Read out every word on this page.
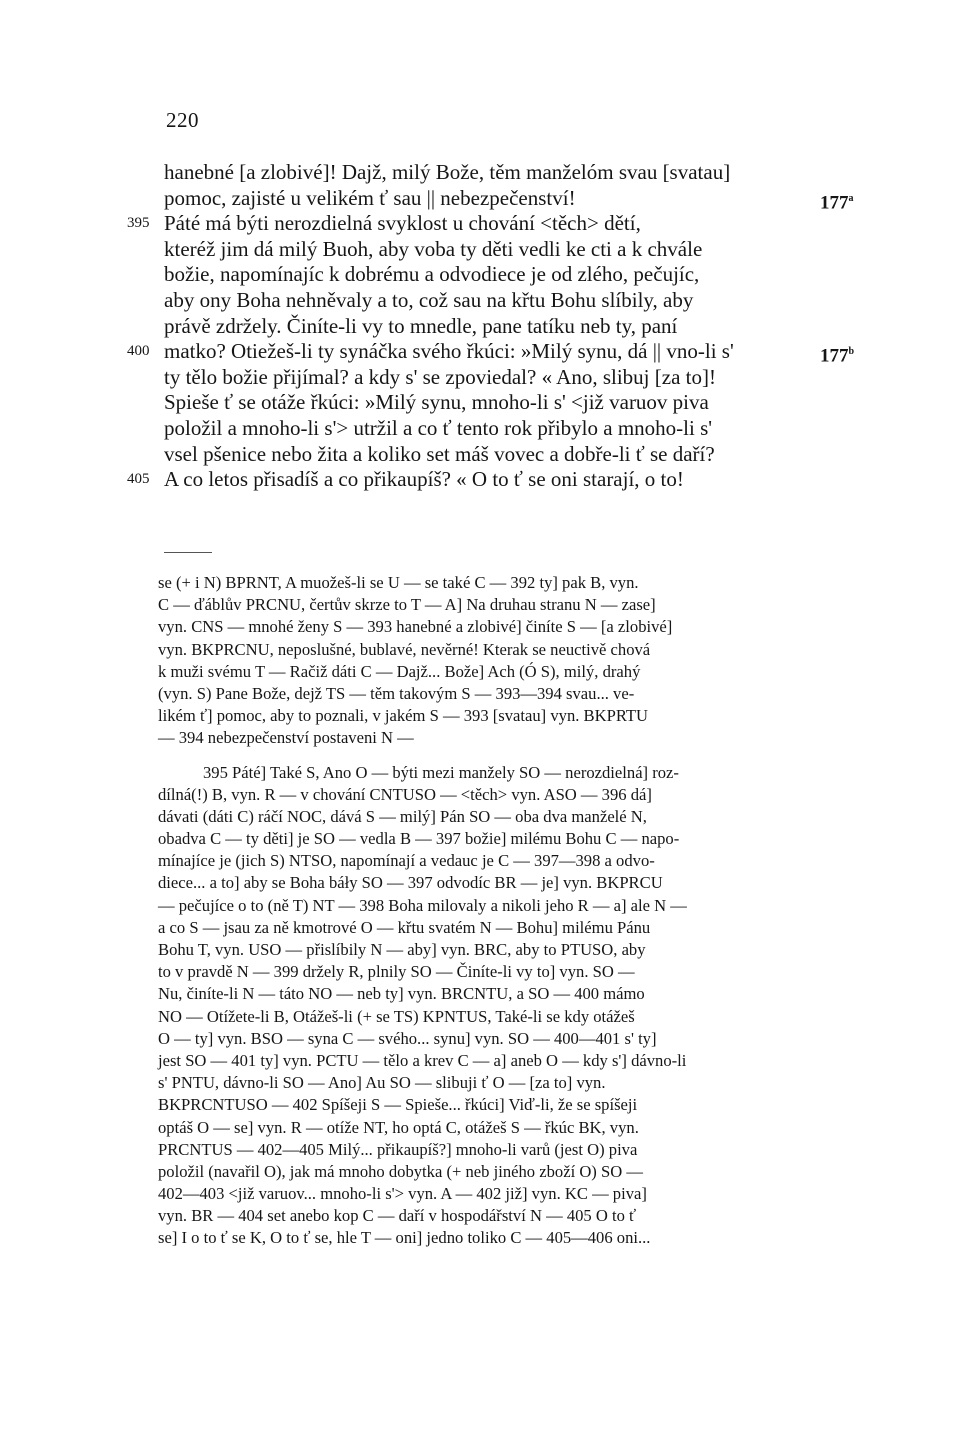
220
hanebné [a zlobivé]! Dajž, milý Bože, těm manželóm svau [svatau]
pomoc, zajisté u velikém ť sau || nebezpečenství!	177$^a$
395 Páté má býti nerozdielná svyklost u chování <těch> dětí,
kteréž jim dá milý Buoh, aby voba ty děti vedli ke cti a k chvále
božie, napomínajíc k dobrému a odvodiece je od zlého, pečujíc,
aby ony Boha nehněvaly a to, což sau na křtu Bohu slíbily, aby
právě zdržely. Činíte-li vy to mnedle, pane tatíku neb ty, paní
400 matko? Otiežeš-li ty synáčka svého řkúci: »Milý synu, dá || vno-li s'	177$^b$
ty tělo božie přijímal? a kdy s' se zpoviedal? « Ano, slibuj [za to]!
Spieše ť se otáže řkúci: »Milý synu, mnoho-li s' <již varuov piva
položil a mnoho-li s'> utržil a co ť tento rok přibylo a mnoho-li s'
vsel pšenice nebo žita a koliko set máš vovec a dobře-li ť se daří?
405 A co letos přisadíš a co přikaupíš? « O to ť se oni starají, o to!
se (+ i N) BPRNT, A muožeš-li se U — se také C — 392 ty] pak B, vyn.
C — ďáblův PRCNU, čertův skrze to T — A] Na druhau stranu N — zase]
vyn. CNS — mnohé ženy S — 393 hanebné a zlobivé] činíte S — [a zlobivé]
vyn. BKPRCNU, neposlušné, bublavé, nevěrné! Kterak se neuctivě chová
k muži svému T — Račiž dáti C — Dajž... Bože] Ach (Ó S), milý, drahý
(vyn. S) Pane Bože, dejž TS — těm takovým S — 393—394 svau... ve-
likém ť] pomoc, aby to poznali, v jakém S — 393 [svatau] vyn. BKPRTU
— 394 nebezpečenství postaveni N —
395 Páté] Také S, Ano O — býti mezi manžely SO — nerozdielná] roz-
dílná(!) B, vyn. R — v chování CNTUSO — <těch> vyn. ASO — 396 dá]
dávati (dáti C) ráčí NOC, dává S — milý] Pán SO — oba dva manželé N,
obadva C — ty děti] je SO — vedla B — 397 božie] milému Bohu C — napo-
mínajíce je (jich S) NTSO, napomínají a vedauc je C — 397—398 a odvo-
diece... a to] aby se Boha báły SO — 397 odvodíc BR — je] vyn. BKPRCU
— pečujíce o to (ně T) NT — 398 Boha milovaly a nikoli jeho R — a] ale N —
a co S — jsau za ně kmotrové O — křtu svatém N — Bohu] milému Pánu
Bohu T, vyn. USO — přislíbily N — aby] vyn. BRC, aby to PTUSO, aby
to v pravdě N — 399 držely R, plnily SO — Činíte-li vy to] vyn. SO —
Nu, činíte-li N — táto NO — neb ty] vyn. BRCNTU, a SO — 400 mámo
NO — Otížete-li B, Otážeš-li (+ se TS) KPNTUS, Také-li se kdy otážeš
O — ty] vyn. BSO — syna C — svého... synu] vyn. SO — 400—401 s' ty]
jest SO — 401 ty] vyn. PCTU — tělo a krev C — a] aneb O — kdy s'] dávno-li
s' PNTU, dávno-li SO — Ano] Au SO — slibuji ť O — [za to] vyn.
BKPRCNTUSO — 402 Spíšeji S — Spieše... řkúci] Viď-li, že se spíšeji
optáš O — se] vyn. R — otíže NT, ho optá C, otážeš S — řkúc BK, vyn.
PRCNTUS — 402—405 Milý... přikaupíš?] mnoho-li varů (jest O) piva
položil (navařil O), jak má mnoho dobytka (+ neb jiného zboží O) SO —
402—403 <již varuov... mnoho-li s'> vyn. A — 402 již] vyn. KC — piva]
vyn. BR — 404 set anebo kop C — daří v hospodářství N — 405 O to ť
se] I o to ť se K, O to ť se, hle T — oni] jedno toliko C — 405—406 oni...
